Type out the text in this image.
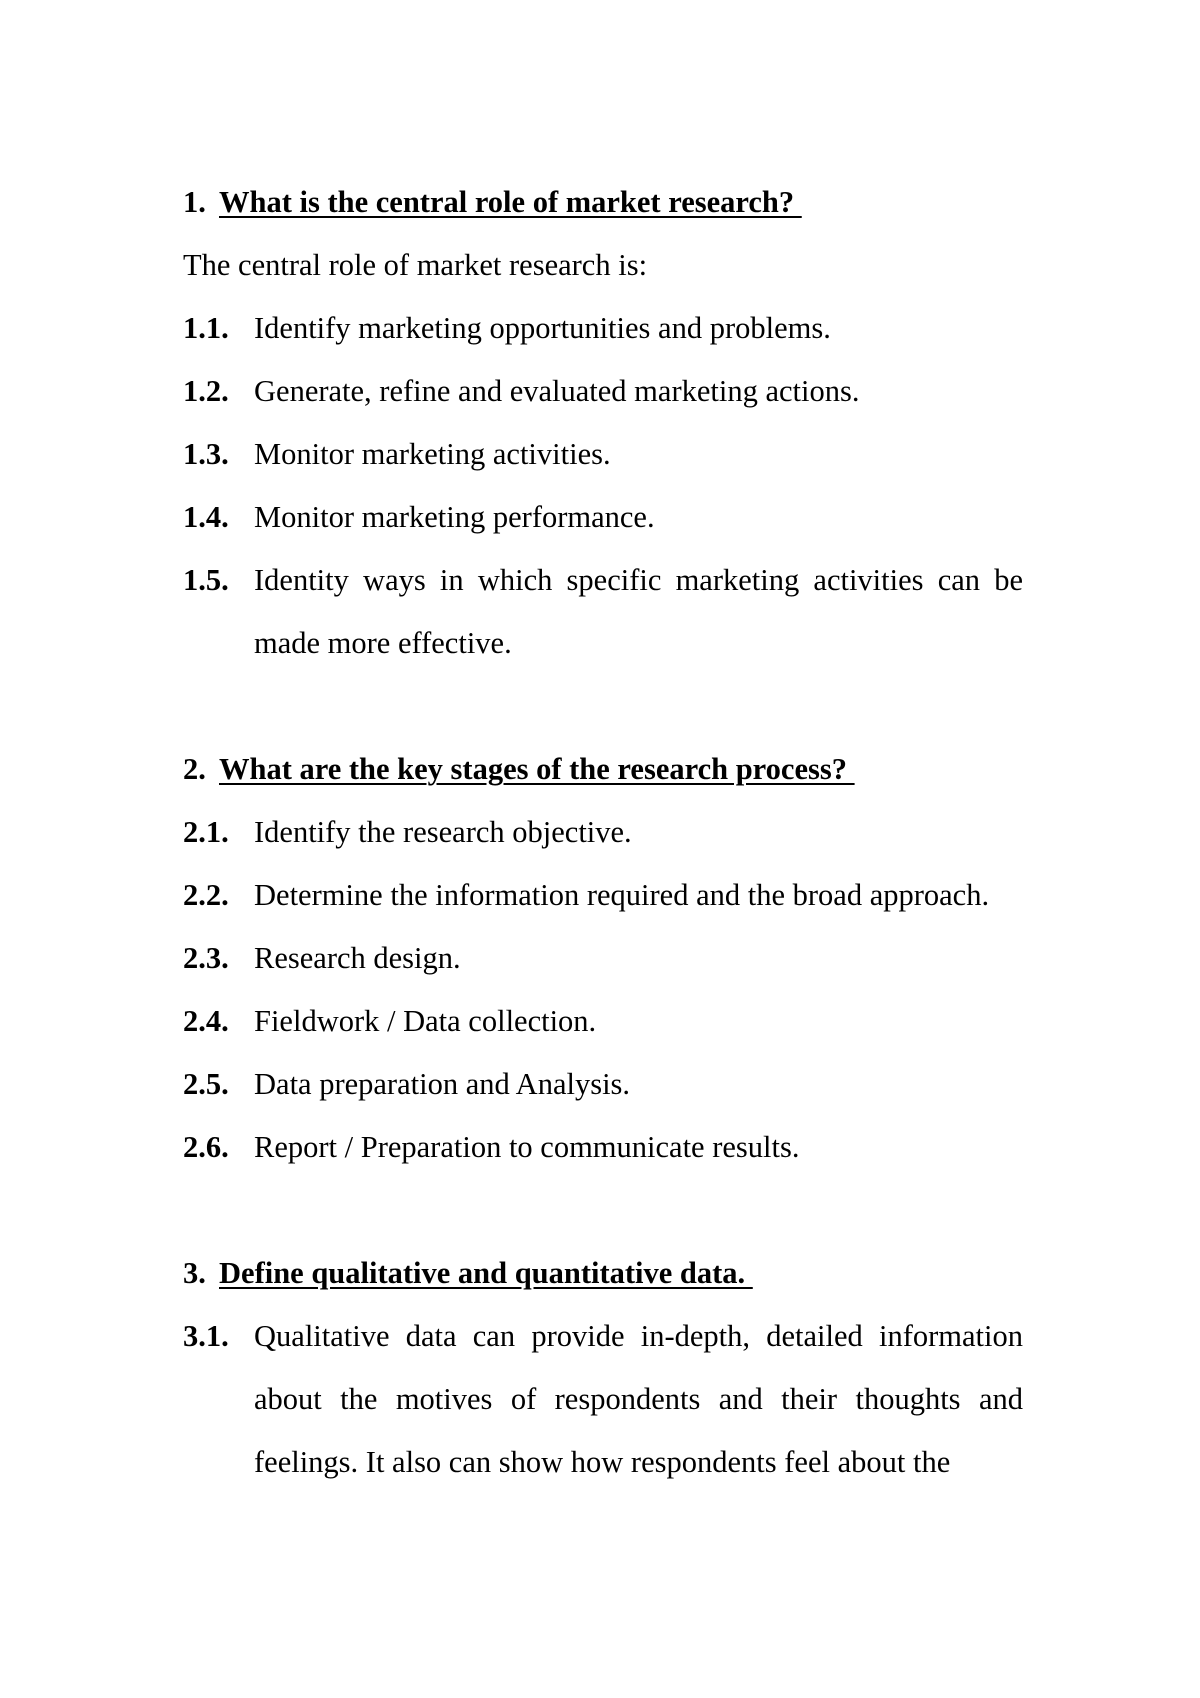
1. What is the central role of market research?
The central role of market research is:
1.1. Identify marketing opportunities and problems.
1.2. Generate, refine and evaluated marketing actions.
1.3. Monitor marketing activities.
1.4. Monitor marketing performance.
1.5. Identity ways in which specific marketing activities can be made more effective.
2. What are the key stages of the research process?
2.1. Identify the research objective.
2.2. Determine the information required and the broad approach.
2.3. Research design.
2.4. Fieldwork / Data collection.
2.5. Data preparation and Analysis.
2.6. Report / Preparation to communicate results.
3. Define qualitative and quantitative data.
3.1. Qualitative data can provide in-depth, detailed information about the motives of respondents and their thoughts and feelings. It also can show how respondents feel about the
